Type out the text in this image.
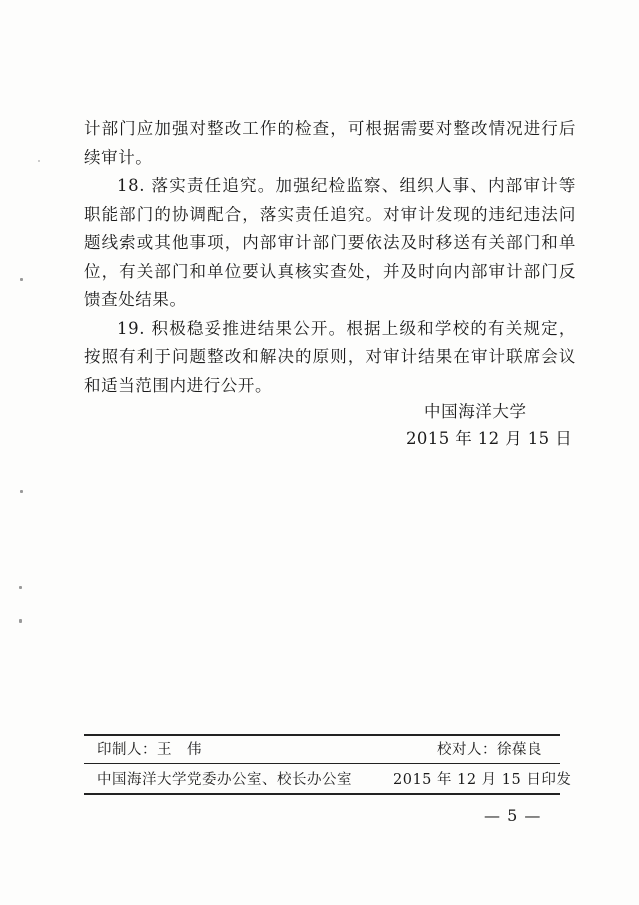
计部门应加强对整改工作的检查，可根据需要对整改情况进行后续审计。

18. 落实责任追究。加强纪检监察、组织人事、内部审计等职能部门的协调配合，落实责任追究。对审计发现的违纪违法问题线索或其他事项，内部审计部门要依法及时移送有关部门和单位，有关部门和单位要认真核实查处，并及时向内部审计部门反馈查处结果。

19. 积极稳妥推进结果公开。根据上级和学校的有关规定，按照有利于问题整改和解决的原则，对审计结果在审计联席会议和适当范围内进行公开。

中国海洋大学
2015 年 12 月 15 日
印制人：王　伟	校对人：徐葆良
中国海洋大学党委办公室、校长办公室	2015 年 12 月 15 日印发
— 5 —
